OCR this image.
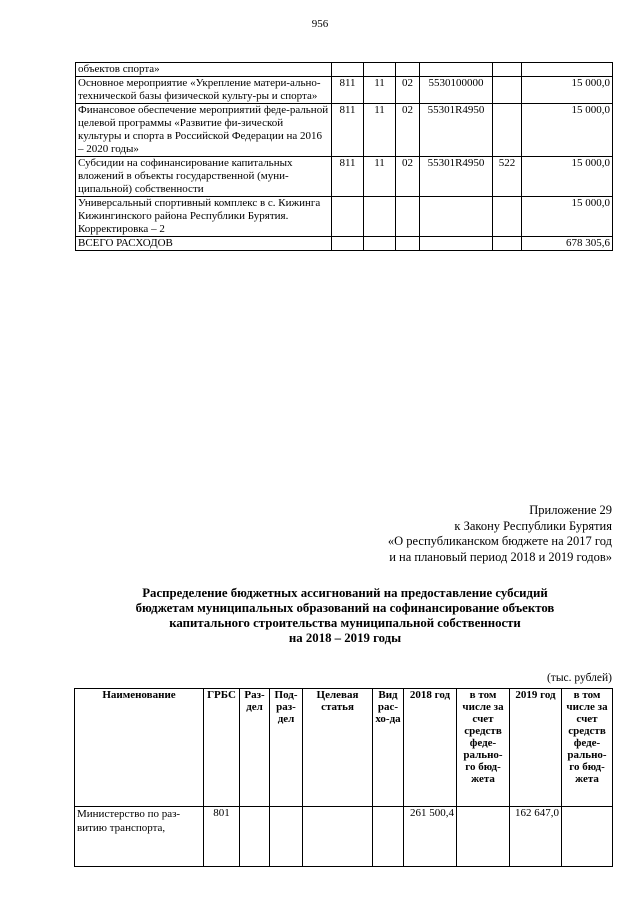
956
объектов спорта»						
Основное мероприятие «Укрепление матери-ально-технической базы физической культу-ры и спорта»	811	11	02	5530100000		15 000,0
Финансовое обеспечение мероприятий феде-ральной целевой программы «Развитие фи-зической культуры и спорта в Российской Федерации на 2016 – 2020 годы»	811	11	02	55301R4950		15 000,0
Субсидии на софинансирование капитальных вложений в объекты государственной (муни-ципальной) собственности	811	11	02	55301R4950	522	15 000,0
Универсальный спортивный комплекс в с. Кижинга Кижингинского района Республики Бурятия. Корректировка – 2						15 000,0
ВСЕГО РАСХОДОВ						678 305,6
Приложение 29
к Закону Республики Бурятия
«О республиканском бюджете на 2017 год
и на плановый период 2018 и 2019 годов»
Распределение бюджетных ассигнований на предоставление субсидий
бюджетам муниципальных образований на софинансирование объектов
капитального строительства муниципальной собственности
на 2018 – 2019 годы
(тыс. рублей)
Наименование	ГРБС	Раз-дел	Под-раз-дел	Целевая статья	Вид рас-хо-да	2018 год	в том числе за счет средств феде-рально-го бюд-жета	2019 год	в том числе за счет средств феде-рально-го бюд-жета
Министерство по раз-витию транспорта,	801					261 500,4		162 647,0	
